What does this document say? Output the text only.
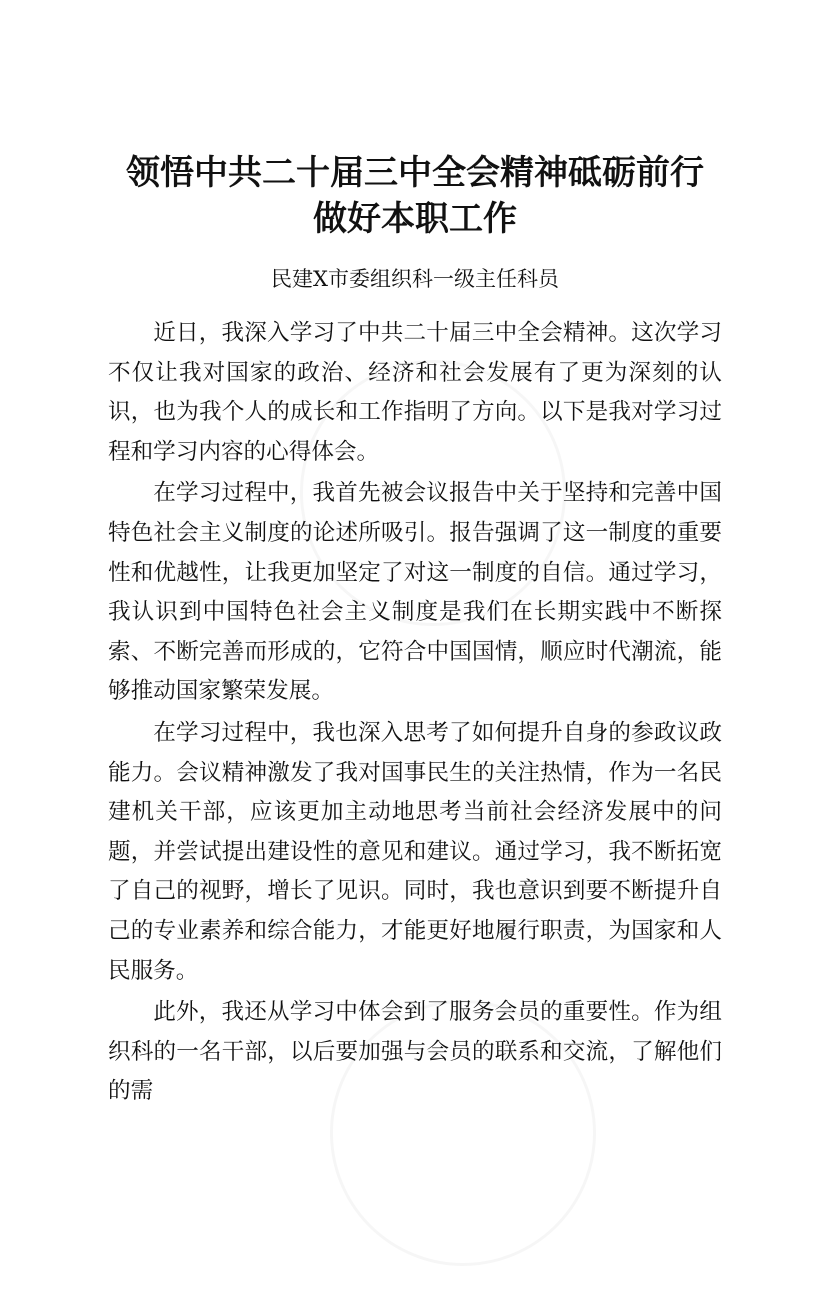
领悟中共二十届三中全会精神砥砺前行做好本职工作

民建X市委组织科一级主任科员

近日，我深入学习了中共二十届三中全会精神。这次学习不仅让我对国家的政治、经济和社会发展有了更为深刻的认识，也为我个人的成长和工作指明了方向。以下是我对学习过程和学习内容的心得体会。

在学习过程中，我首先被会议报告中关于坚持和完善中国特色社会主义制度的论述所吸引。报告强调了这一制度的重要性和优越性，让我更加坚定了对这一制度的自信。通过学习，我认识到中国特色社会主义制度是我们在长期实践中不断探索、不断完善而形成的，它符合中国国情，顺应时代潮流，能够推动国家繁荣发展。

在学习过程中，我也深入思考了如何提升自身的参政议政能力。会议精神激发了我对国事民生的关注热情，作为一名民建机关干部，应该更加主动地思考当前社会经济发展中的问题，并尝试提出建设性的意见和建议。通过学习，我不断拓宽了自己的视野，增长了见识。同时，我也意识到要不断提升自己的专业素养和综合能力，才能更好地履行职责，为国家和人民服务。

此外，我还从学习中体会到了服务会员的重要性。作为组织科的一名干部，以后要加强与会员的联系和交流，了解他们的需
